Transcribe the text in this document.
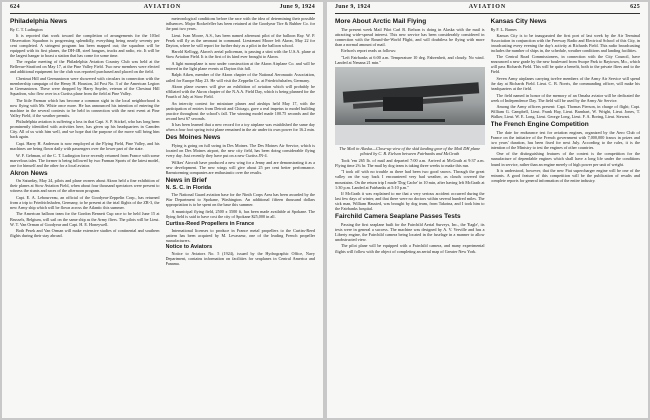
624	AVIATION	June 9, 1924
Philadelphia News
By C. T. Ludington

It is reported that work toward the completion of arrangements for the 103rd Observation Squadron is progressing splendidly, everything being nearly seventy per cent completed. A stringent program has been mapped out; the squadron will be equipped with its first planes, the DH-4B, steel hangars, trucks and radio, etc. It will be the largest hangar to boast a station that has come for some time.

The regular meeting of the Philadelphia Aviation Country Club was held at the Bellevue-Stratford on May 17, at the Pine Valley Field. Two new members were elected and additional equipment for the club was reported purchased and placed on the field.

Chestnut Hill and Germantown were showered with circulars in connection with the membership campaign of the Henry H. Houston, 2d Post No. 3 of the American Legion in Germantown. These were dropped by Harry Snyder, veteran of the Chestnut Hill Squadron, who flew over in a Curtiss plane from the field at Pine Valley.

The little Farman which has become a common sight in the local neighborhood is now flying with Mr. White once more. He has announced his intention of entering the machine in the several contests to be held in connection with the next event at Pine Valley Field, if the weather permits.

Philadelphia aviation is suffering a loss in that Capt. S. P. Stickel, who has long been prominently identified with activities here, has given up his headquarters in Camden City. All of us wish him well, and we hope that the purpose of the move will bring him back again.

Capt. Harry H. Anderson is now employed at the Flying Field, Pine Valley, and his machines are being flown daily with passengers over the lower part of the state.

W. F. Gehman, of the C. T. Ludington force recently returned from France with some marvelous tales. The former is being followed by two Farman Sports of the latest model, one for himself and the other for a local aviator.

Akron News

On Saturday, May 24, pilots and plane owners about Akron held a fine exhibition of their planes at Stow Aviation Field, when about four thousand spectators were present to witness the stunts and races of the afternoon program.

Capt. E. A. Lebourveau, an official of the Goodyear-Zeppelin Corp., has returned from a trip to Friedrichshafen, Germany, to be present at the trial flights of the ZR-3, the new Army ship which will be flown across the Atlantic this summer.

The American balloon team for the Gordon Bennett Cup race to be held June 15 at Brussels, Belgium, will sail on the same ship as the Army fliers. The pilots will be Lieut. W. T. Van Orman of Goodyear and Capt. H. E. Honeywell.

Both Pesek and Van Orman will make extensive studies of continental and southern flights during their stay abroad.

meteorological conditions before the race with the idea of determining their possible influences. Major Rockefeller has been retained at the Goodyear Tire & Rubber Co. for the past two years.

Lieut. Ivan Moore, A.S., has been named aftermost pilot of the balloon Ray. W. P. Pesek will fly as the aeronaut in command. Lieutenant Moore left Akron, May 22 for Dayton, where he will report for further duty as a pilot in the balloon school.

Harold Kellogg, Akron's aerial policeman, is passing a stint with the U.S.A. plane at Stow Aviation Field. It is the first of its kind ever brought to Akron.

A light monoplane is now under construction at the Akron Airplane Co. and will be entered in the light plane events at Dayton this fall.

Ralph Aiken, member of the Akron chapter of the National Aeronautic Association, sailed for Europe May 23. He will visit the Zeppelin Co. at Friedrichshafen, Germany.

Akron plane owners will give an exhibition of aviation which will probably be affiliated with the Akron chapter of the N.A.A. Field Day, which is being planned for the Fourth of July at Stow Field.

An intercity contest for miniature planes and airships held May 17, with the participation of entries from Detroit and Chicago, gave a real impetus to model building practice throughout the school's fall. The winning model made 100.75 seconds and the second best 67 seconds.

It has been learned that a new record for a toy airplane was established the same day when a four foot spring twist plane remained in the air under its own power for 16.2 min.

Des Moines News

Flying is going on full swing in Des Moines. The Des Moines Air Service, which is located on Des Moines airport, the new city field, has been doing considerable flying every day. Just recently they have put on a new Curtiss JN-4.

Wilkes' Aircraft have produced a new wing for a Jenny and are demonstrating it as a new development. The new wings will give about 25 per cent better performance. Barnstorming companies are enthusiastic over the results.

News in Brief
N. S. C. in Florida

The National Guard aviation base for the Ninth Corps Area has been awarded by the War Department to Spokane, Washington. An additional fifteen thousand dollars appropriation is to be spent on the base this summer.

A municipal flying field, 2500 x 3500 ft, has been made available at Spokane. The flying field is said to have cost the city of Spokane $25,000 in all.

Curtiss-Reed Propellers in France

International licenses to produce in France metal propellers to the Curtiss-Reed pattern has been acquired by M. Levasseur, one of the leading French propeller manufacturers.

Notice to Aviators

Notice to Aviators No. 5 (1924), issued by the Hydrographic Office, Navy Department, contains information on facilities for seaplanes in Central America and Panama.

June 9, 1924	AVIATION	625
More About Arctic Mail Flying

The present week Mail Pilot Carl B. Eielson is doing in Alaska with the mail is attracting wide-spread interest. This new service has been considerably considered in connection with the Round-the-World Flight, and will doubtless be flying with more than a normal amount of mail.

Eielson's report reads as follows:

"Left Fairbanks at 6:00 a.m. Temperature 10 deg. Fahrenheit, and cloudy. No wind. Landed at Nenana 21 min."

The Mail in Alaska—Close-up view of the skid landing gear of the Mail DH plane piloted by C. B. Eielson between Fairbanks and McGrath

Took 'em 265 lb. of mail and departed 7:00 a.m. Arrived at McGrath at 9:37 a.m. Flying time 2¾ hr. The mail by dog team is taking three weeks to make this run.

"I took off with no trouble as there had been two good snows. Through the great valley on the way back I encountered very bad weather, as clouds covered the mountains. On the return trip I made 'Dog Cache' in 10 min, after having left McGrath at 1:30 p.m. Landed at Fairbanks at 5:10 p.m."

If McGrath it was explained to me that a very serious accident occurred during the last few days of winter, and that there were no doctors within several hundred miles. The sick man, William Hausted, was brought by dog team, from Takotna, and I took him to the Fairbanks hospital.

Fairchild Camera Seaplane Passes Tests

Passing the first seaplane built for the Fairchild Aerial Surveys, Inc., the 'Eagle', its tests were in general a success. The machine was designed by A. V. Verville and has a Liberty engine, the Fairchild camera being located in the fuselage in a manner to allow unobstructed view.

The pilot plane will be equipped with a Fairchild camera, and many experimental flights will follow with the object of completing an aerial map of Greater New York.

Kansas City News
By F. L. Barnes

Kansas City is to be inaugurated the first port of last week by the Air Terminal Association in conjunction with the Freeway Radio and Electrical School of this City, in broadcasting every evening the day's activity at Richards Field. This radio broadcasting includes the number of ships in, the schedule, weather conditions and landing facilities.

The Central Road Commissioners, in connection with the City Council, have announced a new grade by the new boulevard from Swope Park to Raytown, Mo., which will pass Richards Field. This will be quite a benefit, both to the private fliers and to the Field.

Seven Army airplanes carrying twelve members of the Army Air Service will spend the day at Richards Field. Lieut. C. B. Norris, the commanding officer, will make his headquarters at the field.

The field named in honor of the memory of an Omaha aviator will be dedicated the week of Independence Day. The field will be used by the Army Air Service.

Among the Army officers present: Capt. Thomas Pierson, in charge of flight; Capt. William G. Campbell, Lieut. Frank Hay, Lieut. Barnhart, W. Wright, Lieut. Jones, T. Walker, Lieut. W. E. Long, Lieut. George Long, Lieut. F. A. Boring, Lieut. Stewart.

The French Engine Competition

The date for endurance test for aviation engines, organized by the Aero Club of France on the initiative of the French government with 7,000,000 francs in prizes and two years' duration, has been fixed for next July. According to the rules, it is the intention of the Ministry to test the engines of other countries.

One of the distinguishing features of the contest is the competition for the manufacture of dependable engines which shall have a long life under the conditions found in service, rather than an engine merely of high power per unit of weight.

It is understood, however, that the new Fiat supercharger engine will be one of the entrants. A good feature of this competition will be the publication of results and complete reports for general information of the entire industry.
